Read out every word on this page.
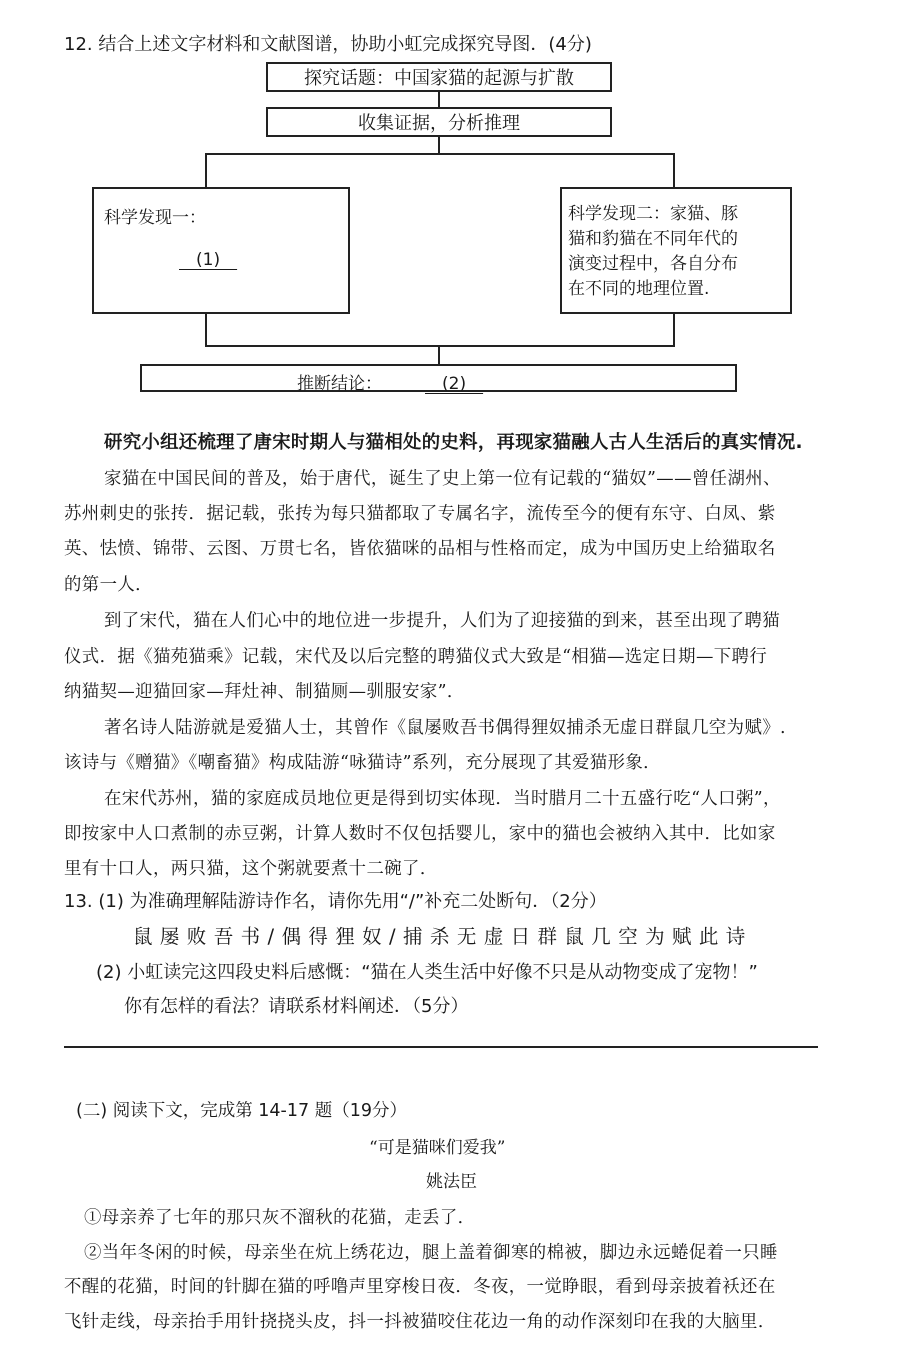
12. 结合上述文字材料和文献图谱，协助小虹完成探究导图．(4分)
探究话题：中国家猫的起源与扩散
收集证据，分析推理
科学发现一：
　(1)　
科学发现二：家猫、豚
猫和豹猫在不同年代的
演变过程中，各自分布
在不同的地理位置.
推断结论：	　(2)　
研究小组还梳理了唐宋时期人与猫相处的史料，再现家猫融人古人生活后的真实情况.
家猫在中国民间的普及，始于唐代，诞生了史上第一位有记载的“猫奴”——曾任湖州、
苏州刺史的张抟．据记载，张抟为每只猫都取了专属名字，流传至今的便有东守、白凤、紫
英、怯愤、锦带、云图、万贯七名，皆依猫咪的品相与性格而定，成为中国历史上给猫取名
的第一人．
到了宋代，猫在人们心中的地位进一步提升，人们为了迎接猫的到来，甚至出现了聘猫
仪式．据《猫苑猫乘》记载，宋代及以后完整的聘猫仪式大致是“相猫—选定日期—下聘行
纳猫契—迎猫回家—拜灶神、制猫厕—驯服安家”．
著名诗人陆游就是爱猫人士，其曾作《鼠屡败吾书偶得狸奴捕杀无虚日群鼠几空为赋》.
该诗与《赠猫》《嘲畜猫》构成陆游“咏猫诗”系列，充分展现了其爱猫形象．
在宋代苏州，猫的家庭成员地位更是得到切实体现．当时腊月二十五盛行吃“人口粥”，
即按家中人口煮制的赤豆粥，计算人数时不仅包括婴儿，家中的猫也会被纳入其中．比如家
里有十口人，两只猫，这个粥就要煮十二碗了．
13. (1) 为准确理解陆游诗作名，请你先用“/”补充二处断句．（2分）
鼠 屡 败 吾 书 / 偶 得 狸 奴 / 捕 杀 无 虚 日 群 鼠 几 空 为 赋 此 诗
(2) 小虹读完这四段史料后感慨：“猫在人类生活中好像不只是从动物变成了宠物！”
你有怎样的看法？请联系材料阐述．（5分）
(二) 阅读下文，完成第 14-17 题（19分）
“可是猫咪们爱我”
姚法臣
①母亲养了七年的那只灰不溜秋的花猫，走丢了．
②当年冬闲的时候，母亲坐在炕上绣花边，腿上盖着御寒的棉被，脚边永远蜷促着一只睡
不醒的花猫，时间的针脚在猫的呼噜声里穿梭日夜．冬夜，一觉睁眼，看到母亲披着袄还在
飞针走线，母亲抬手用针挠挠头皮，抖一抖被猫咬住花边一角的动作深刻印在我的大脑里．
